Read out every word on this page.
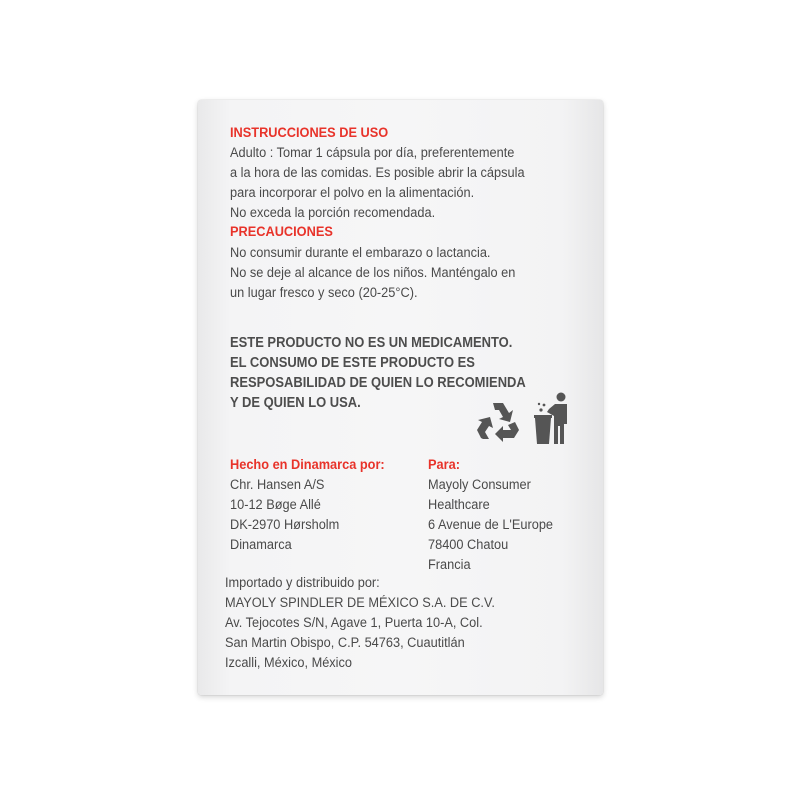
INSTRUCCIONES DE USO
Adulto : Tomar 1 cápsula por día, preferentemente
a la hora de las comidas. Es posible abrir la cápsula
para incorporar el polvo en la alimentación.
No exceda la porción recomendada.
PRECAUCIONES
No consumir durante el embarazo o lactancia.
No se deje al alcance de los niños. Manténgalo en
un lugar fresco y seco (20-25°C).
ESTE PRODUCTO NO ES UN MEDICAMENTO.
EL CONSUMO DE ESTE PRODUCTO ES
RESPOSABILIDAD DE QUIEN LO RECOMIENDA
Y DE QUIEN LO USA.
Hecho en Dinamarca por:
Chr. Hansen A/S
10-12 Bøge Allé
DK-2970 Hørsholm
Dinamarca
Para:
Mayoly Consumer
Healthcare
6 Avenue de L'Europe
78400 Chatou
Francia
Importado y distribuido por:
MAYOLY SPINDLER DE MÉXICO S.A. DE C.V.
Av. Tejocotes S/N, Agave 1, Puerta 10-A, Col.
San Martin Obispo, C.P. 54763, Cuautitlán
Izcalli, México, México
